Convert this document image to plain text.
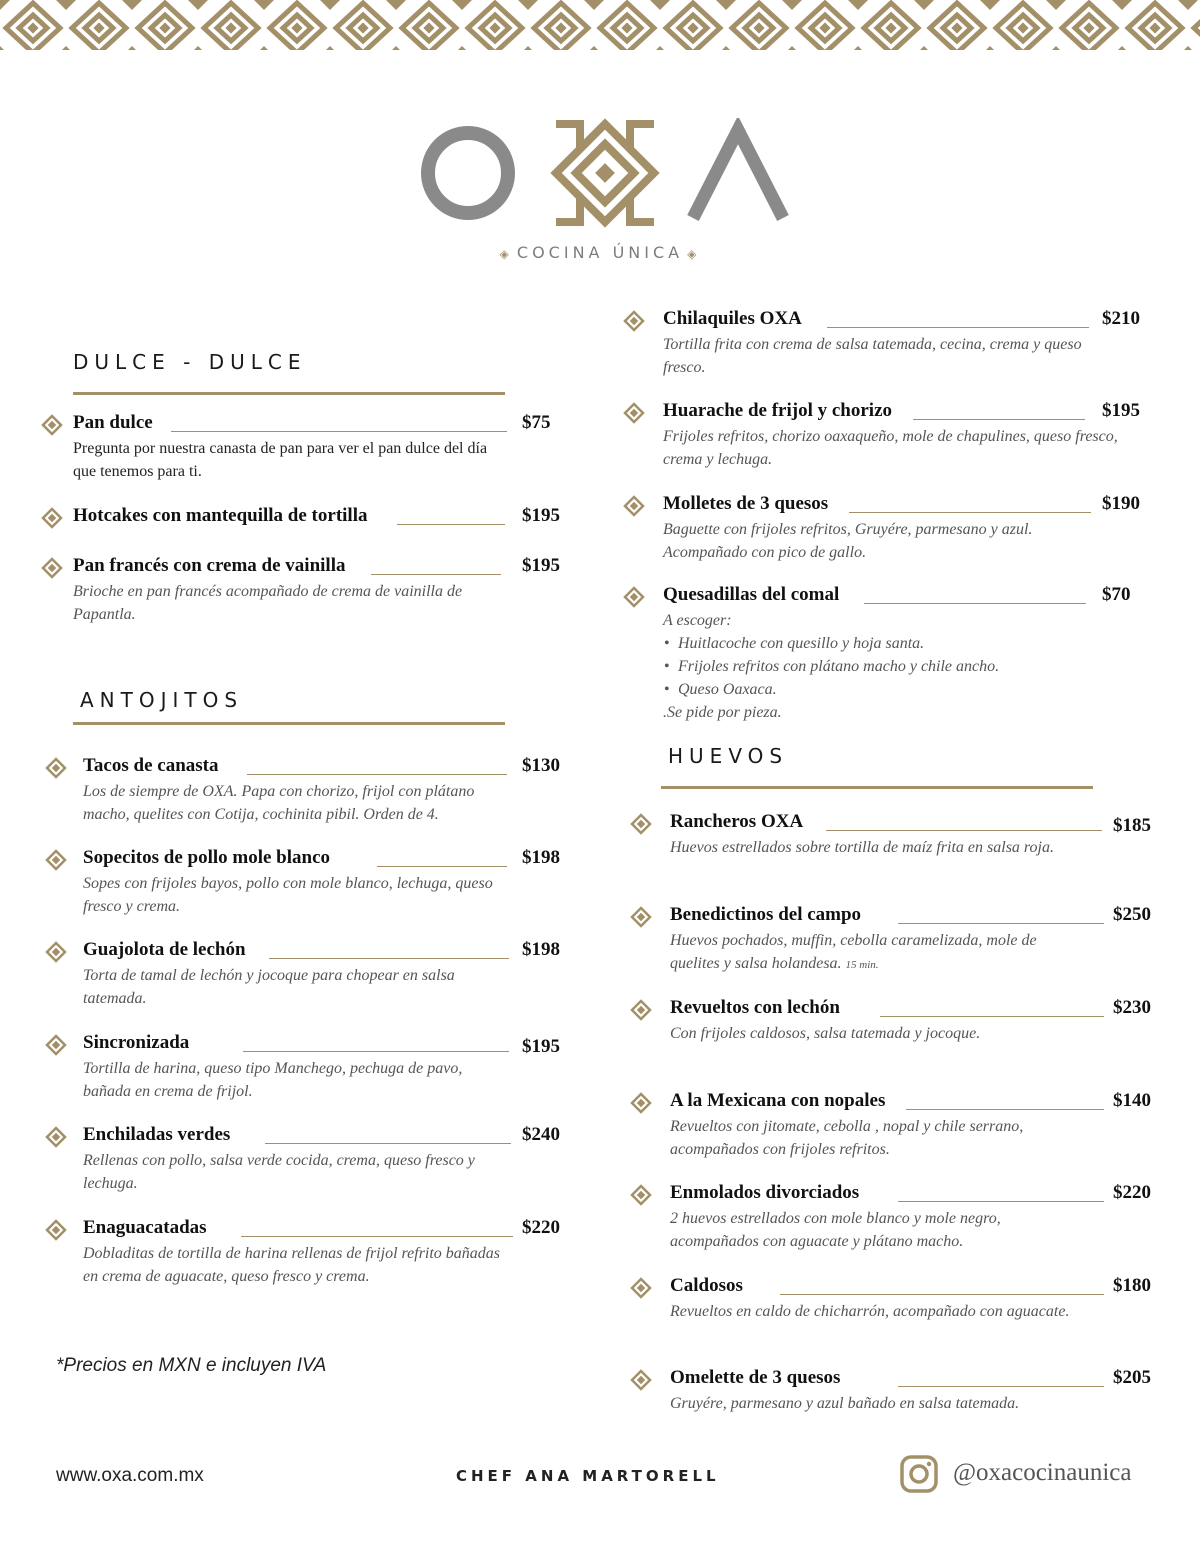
◈ COCINA ÚNICA ◈
DULCE - DULCE
Pan dulce	$75
Pregunta por nuestra canasta de pan para ver el pan dulce del día que tenemos para ti.
Hotcakes con mantequilla de tortilla	$195
Pan francés con crema de vainilla	$195
Brioche en pan francés acompañado de crema de vainilla de Papantla.
ANTOJITOS
Tacos de canasta	$130
Los de siempre de OXA. Papa con chorizo, frijol con plátano macho, quelites con Cotija, cochinita pibil. Orden de 4.
Sopecitos de pollo mole blanco	$198
Sopes con frijoles bayos, pollo con mole blanco, lechuga, queso fresco y crema.
Guajolota de lechón	$198
Torta de tamal de lechón y jocoque para chopear en salsa tatemada.
Sincronizada	$195
Tortilla de harina, queso tipo Manchego, pechuga de pavo, bañada en crema de frijol.
Enchiladas verdes	$240
Rellenas con pollo, salsa verde cocida, crema, queso fresco y lechuga.
Enaguacatadas	$220
Dobladitas de tortilla de harina rellenas de frijol refrito bañadas en crema de aguacate, queso fresco y crema.
*Precios en MXN e incluyen IVA
Chilaquiles OXA	$210
Tortilla frita con crema de salsa tatemada, cecina, crema y queso fresco.
Huarache de frijol y chorizo	$195
Frijoles refritos, chorizo oaxaqueño, mole de chapulines, queso fresco, crema y lechuga.
Molletes de 3 quesos	$190
Baguette con frijoles refritos, Gruyére, parmesano y azul. Acompañado con pico de gallo.
Quesadillas del comal	$70
A escoger:
• Huitlacoche con quesillo y hoja santa.
• Frijoles refritos con plátano macho y chile ancho.
• Queso Oaxaca.
.Se pide por pieza.
HUEVOS
Rancheros OXA	$185
Huevos estrellados sobre tortilla de maíz frita en salsa roja.
Benedictinos del campo	$250
Huevos pochados, muffin, cebolla caramelizada, mole de quelites y salsa holandesa. 15 min.
Revueltos con lechón	$230
Con frijoles caldosos, salsa tatemada y jocoque.
A la Mexicana con nopales	$140
Revueltos con jitomate, cebolla , nopal y chile serrano, acompañados con frijoles refritos.
Enmolados divorciados	$220
2 huevos estrellados con mole blanco y mole negro, acompañados con aguacate y plátano macho.
Caldosos	$180
Revueltos en caldo de chicharrón, acompañado con aguacate.
Omelette de 3 quesos	$205
Gruyére, parmesano y azul bañado en salsa tatemada.
www.oxa.com.mx	CHEF ANA MARTORELL	@oxacocinaunica
